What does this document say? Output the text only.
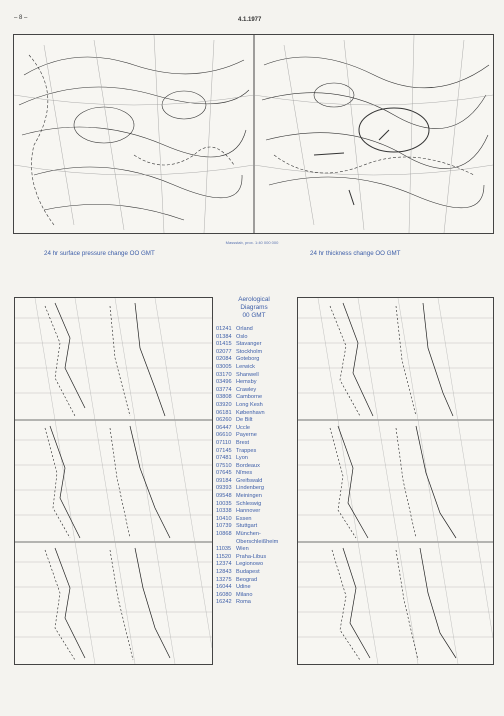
– 8 –	4.1.1977
Massstab, prox. 1:40 000 000
24 hr surface pressure change OO GMT	24 hr thickness change OO GMT
Aerological
Diagrams
00 GMT
01241 Orland
01384 Oslo
01415 Stavanger
02077 Stockholm
02084 Goteborg
03005 Lerwick
03170 Shanwell
03496 Hemsby
03774 Crawley
03808 Camborne
03920 Long Kesh
06181 København
06260 De Bilt
06447 Uccle
06610 Payerne
07110 Brest
07145 Trappes
07481 Lyon
07510 Bordeaux
07645 Nîmes
09184 Greifswald
09393 Lindenberg
09548 Meiningen
10035 Schleswig
10338 Hannover
10410 Essen
10739 Stuttgart
10868 München-
Oberschleißheim
11035 Wien
11520 Praha-Libus
12374 Legionowo
12843 Budapest
13275 Beograd
16044 Udine
16080 Milano
16242 Roma
